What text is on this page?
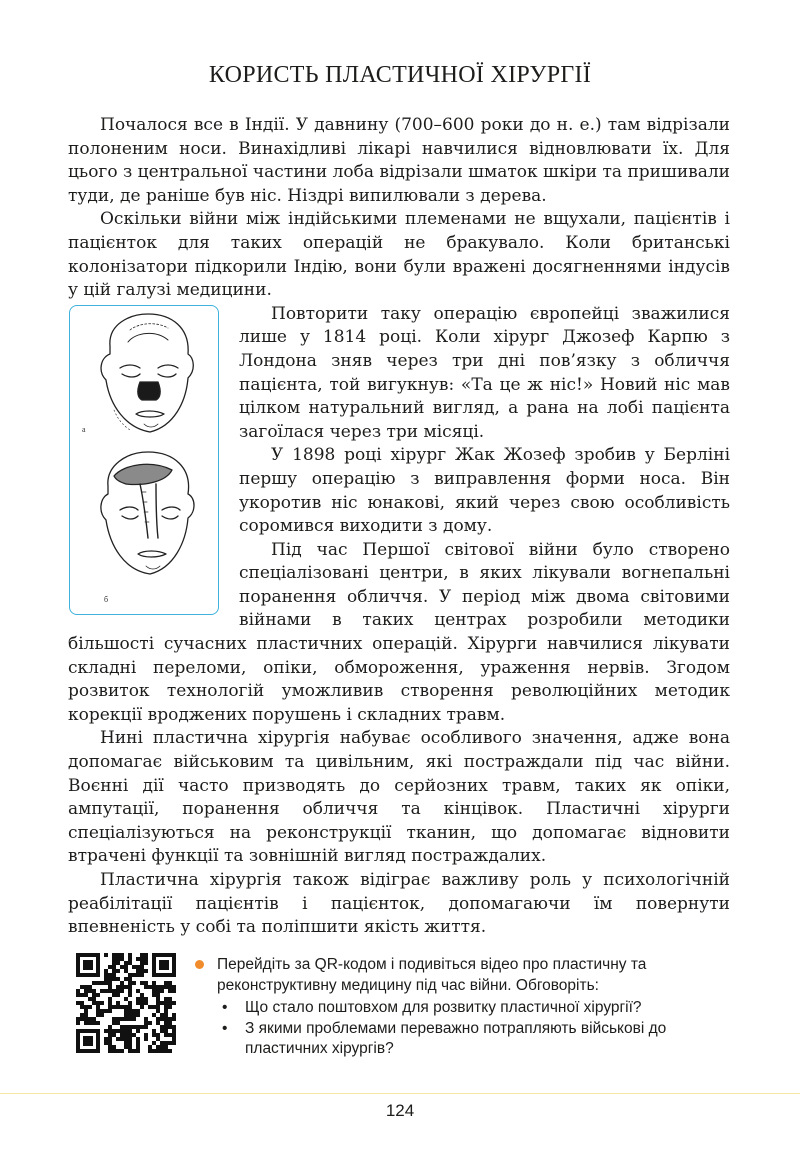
КОРИСТЬ ПЛАСТИЧНОЇ ХІРУРГІЇ

Почалося все в Індії. У давнину (700–600 роки до н. е.) там відрізали полоненим носи. Винахідливі лікарі навчилися відновлювати їх. Для цього з центральної частини лоба відрізали шматок шкіри та пришивали туди, де раніше був ніс. Ніздрі випилювали з дерева.

Оскільки війни між індійськими племенами не вщухали, пацієнтів і пацієнток для таких операцій не бракувало. Коли британські колонізатори підкорили Індію, вони були вражені досягненнями індусів у цій галузі медицини.

а
б

Повторити таку операцію європейці зважилися лише у 1814 році. Коли хірург Джозеф Карпю з Лондона зняв через три дні пов’язку з обличчя пацієнта, той вигукнув: «Та це ж ніс!» Новий ніс мав цілком натуральний вигляд, а рана на лобі пацієнта загоїлася через три місяці.

У 1898 році хірург Жак Жозеф зробив у Берліні першу операцію з виправлення форми носа. Він укоротив ніс юнакові, який через свою особливість соромився виходити з дому.

Під час Першої світової війни було створено спеціалізовані центри, в яких лікували вогнепальні поранення обличчя. У період між двома світовими війнами в таких центрах розробили методики більшості сучасних пластичних операцій. Хірурги навчилися лікувати складні переломи, опіки, обмороження, ураження нервів. Згодом розвиток технологій уможливив створення революційних методик корекції вроджених порушень і складних травм.

Нині пластична хірургія набуває особливого значення, адже вона допомагає військовим та цивільним, які постраждали під час війни. Воєнні дії часто призводять до серйозних травм, таких як опіки, ампутації, поранення обличчя та кінцівок. Пластичні хірурги спеціалізуються на реконструкції тканин, що допомагає відновити втрачені функції та зовнішній вигляд постраждалих.

Пластична хірургія також відіграє важливу роль у психологічній реабілітації пацієнтів і пацієнток, допомагаючи їм повернути впевненість у собі та поліпшити якість життя.

Перейдіть за QR-кодом і подивіться відео про пластичну та реконструктивну медицину під час війни. Обговоріть:
• Що стало поштовхом для розвитку пластичної хірургії?
• З якими проблемами переважно потрапляють військові до пластичних хірургів?
124
